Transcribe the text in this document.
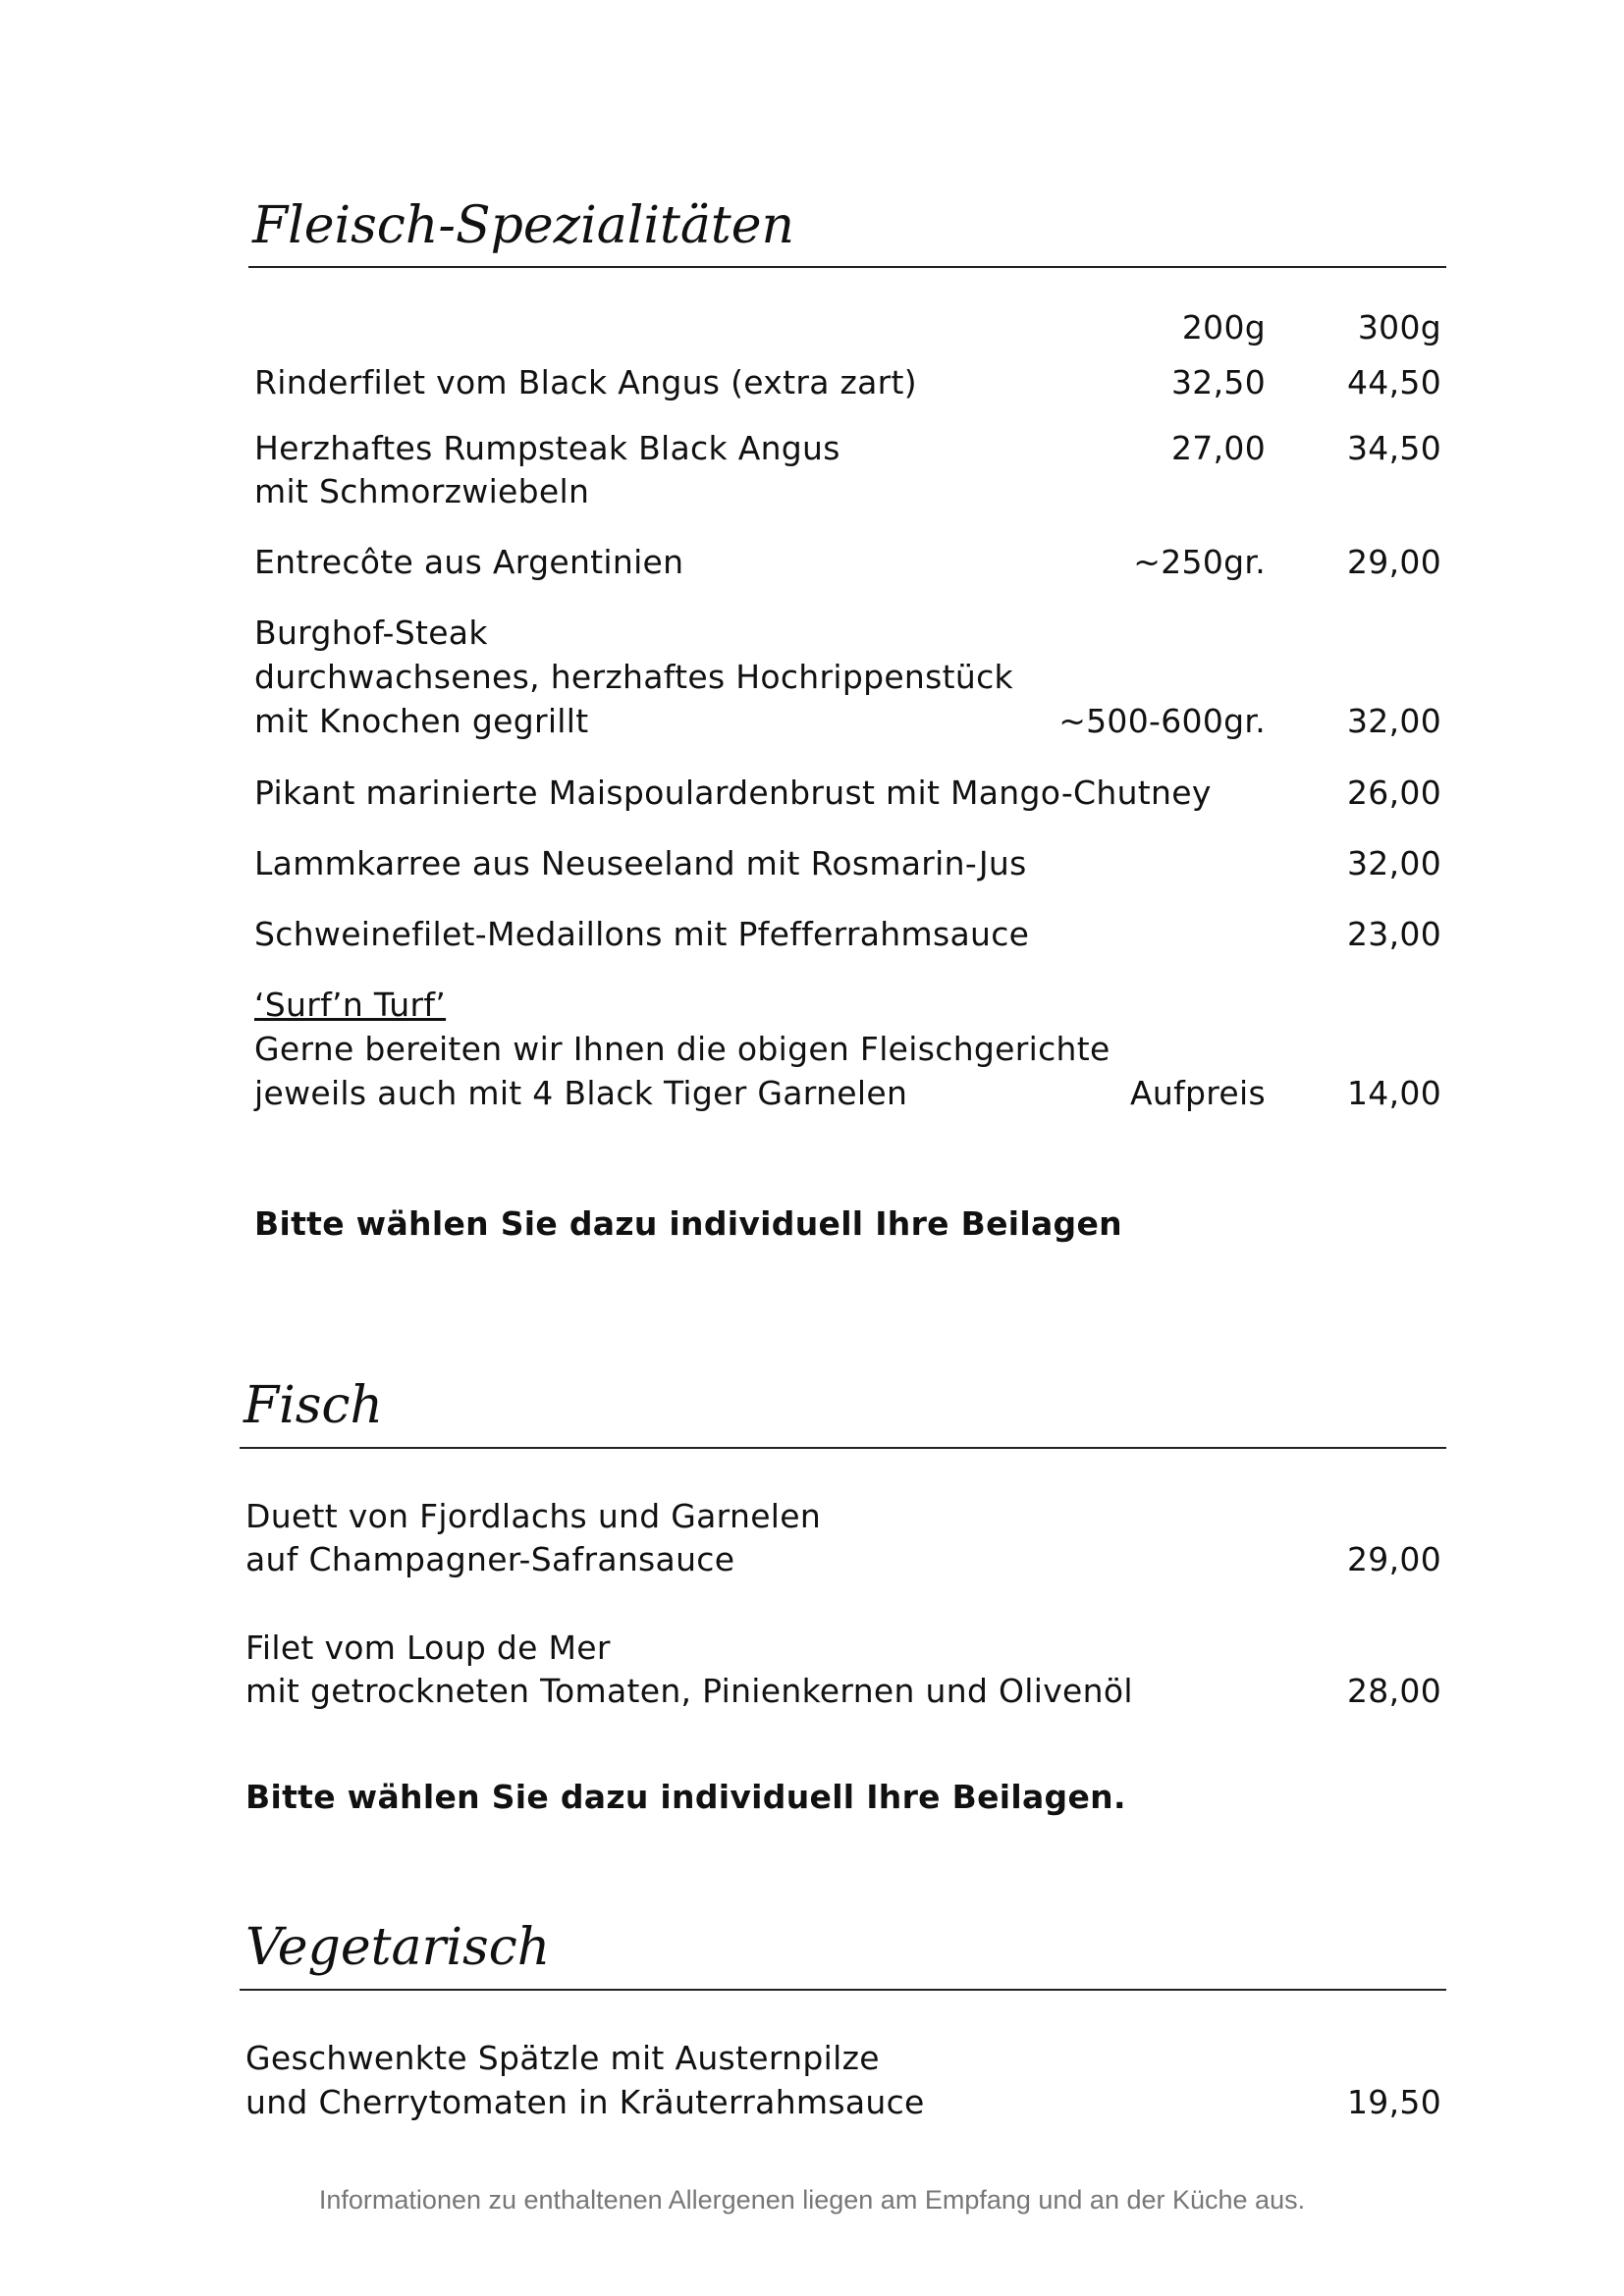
Fleisch-Spezialitäten
200g	300g
Rinderfilet vom Black Angus (extra zart)	32,50	44,50
Herzhaftes Rumpsteak Black Angus
mit Schmorzwiebeln
27,00	34,50
Entrecôte aus Argentinien	~250gr.	29,00
Burghof-Steak
durchwachsenes, herzhaftes Hochrippenstück
mit Knochen gegrillt	~500-600gr.	32,00
Pikant marinierte Maispoulardenbrust mit Mango-Chutney	26,00
Lammkarree aus Neuseeland mit Rosmarin-Jus	32,00
Schweinefilet-Medaillons mit Pfefferrahmsauce	23,00
‘Surf’n Turf’
Gerne bereiten wir Ihnen die obigen Fleischgerichte
jeweils auch mit 4 Black Tiger Garnelen	Aufpreis	14,00
Bitte wählen Sie dazu individuell Ihre Beilagen
Fisch
Duett von Fjordlachs und Garnelen
auf Champagner-Safransauce	29,00
Filet vom Loup de Mer
mit getrockneten Tomaten, Pinienkernen und Olivenöl	28,00
Bitte wählen Sie dazu individuell Ihre Beilagen.
Vegetarisch
Geschwenkte Spätzle mit Austernpilze
und Cherrytomaten in Kräuterrahmsauce	19,50
Informationen zu enthaltenen Allergenen liegen am Empfang und an der Küche aus.
